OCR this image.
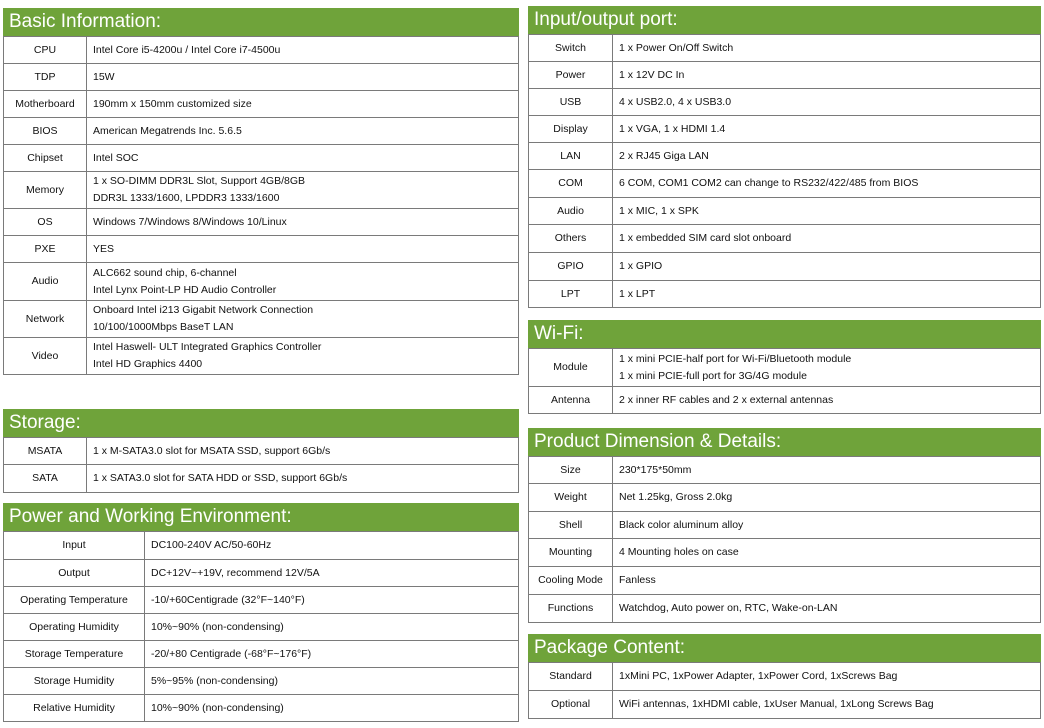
Basic Information:
CPU	Intel Core i5-4200u / Intel Core i7-4500u

TDP	15W

Motherboard	190mm x 150mm customized size

BIOS	American Megatrends Inc. 5.6.5

Chipset	Intel SOC

Memory	1 x SO-DIMM DDR3L Slot, Support 4GB/8GB
DDR3L 1333/1600, LPDDR3 1333/1600

OS	Windows 7/Windows 8/Windows 10/Linux

PXE	YES

Audio	ALC662 sound chip, 6-channel
Intel Lynx Point-LP HD Audio Controller

Network	Onboard Intel i213 Gigabit Network Connection
10/100/1000Mbps BaseT LAN

Video	Intel Haswell- ULT Integrated Graphics Controller
Intel HD Graphics 4400
Storage:
MSATA	1 x M-SATA3.0 slot for MSATA SSD, support 6Gb/s

SATA	1 x SATA3.0 slot for SATA HDD or SSD, support 6Gb/s
Power and Working Environment:
Input	DC100-240V AC/50-60Hz

Output	DC+12V~+19V, recommend 12V/5A

Operating Temperature	-10/+60Centigrade (32°F~140°F)

Operating Humidity	10%~90% (non-condensing)

Storage Temperature	-20/+80 Centigrade (-68°F~176°F)

Storage Humidity	5%~95% (non-condensing)

Relative Humidity	10%~90% (non-condensing)
Input/output port:
Switch	1 x Power On/Off Switch

Power	1 x 12V DC In

USB	4 x USB2.0, 4 x USB3.0

Display	1 x VGA, 1 x HDMI 1.4

LAN	2 x RJ45 Giga LAN

COM	6 COM, COM1 COM2 can change to RS232/422/485 from BIOS

Audio	1 x MIC, 1 x SPK

Others	1 x embedded SIM card slot onboard

GPIO	1 x GPIO

LPT	1 x LPT
Wi-Fi:
Module	1 x mini PCIE-half port for Wi-Fi/Bluetooth module
1 x mini PCIE-full port for 3G/4G module

Antenna	2 x inner RF cables and 2 x external antennas
Product Dimension & Details:
Size	230*175*50mm

Weight	Net 1.25kg, Gross 2.0kg

Shell	Black color aluminum alloy

Mounting	4 Mounting holes on case

Cooling Mode	Fanless

Functions	Watchdog, Auto power on, RTC, Wake-on-LAN
Package Content:
Standard	1xMini PC, 1xPower Adapter, 1xPower Cord, 1xScrews Bag

Optional	WiFi antennas, 1xHDMI cable, 1xUser Manual, 1xLong Screws Bag
